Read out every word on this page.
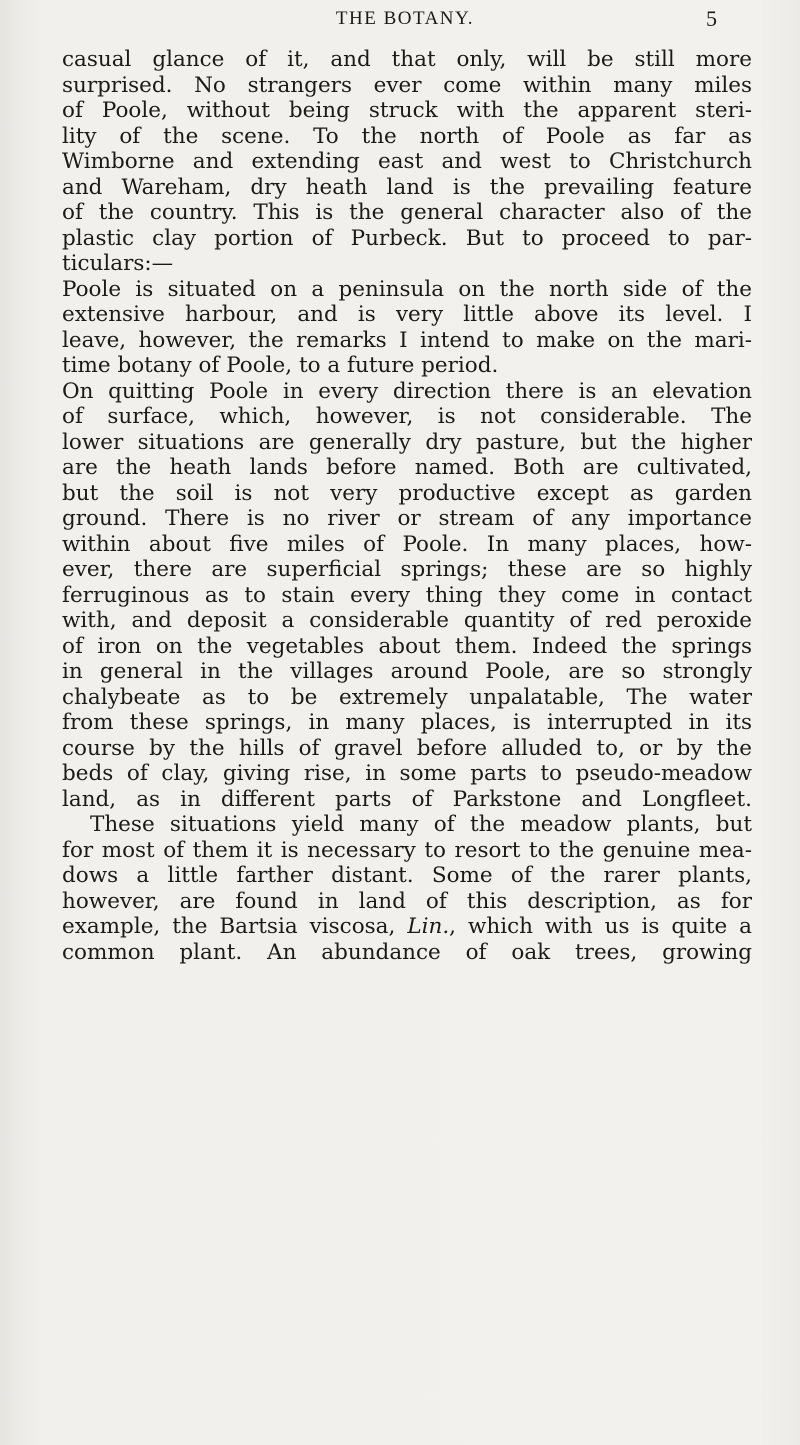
THE BOTANY.	5
casual glance of it, and that only, will be still more
surprised. No strangers ever come within many miles
of Poole, without being struck with the apparent steri-
lity of the scene. To the north of Poole as far as
Wimborne and extending east and west to Christchurch
and Wareham, dry heath land is the prevailing feature
of the country. This is the general character also of the
plastic clay portion of Purbeck. But to proceed to par-
ticulars:—
Poole is situated on a peninsula on the north side of the
extensive harbour, and is very little above its level. I
leave, however, the remarks I intend to make on the mari-
time botany of Poole, to a future period.
On quitting Poole in every direction there is an elevation
of surface, which, however, is not considerable. The
lower situations are generally dry pasture, but the higher
are the heath lands before named. Both are cultivated,
but the soil is not very productive except as garden
ground. There is no river or stream of any importance
within about five miles of Poole. In many places, how-
ever, there are superficial springs; these are so highly
ferruginous as to stain every thing they come in contact
with, and deposit a considerable quantity of red peroxide
of iron on the vegetables about them. Indeed the springs
in general in the villages around Poole, are so strongly
chalybeate as to be extremely unpalatable, The water
from these springs, in many places, is interrupted in its
course by the hills of gravel before alluded to, or by the
beds of clay, giving rise, in some parts to pseudo-meadow
land, as in different parts of Parkstone and Longfleet.
These situations yield many of the meadow plants, but
for most of them it is necessary to resort to the genuine mea-
dows a little farther distant. Some of the rarer plants,
however, are found in land of this description, as for
example, the Bartsia viscosa, Lin., which with us is quite a
common plant. An abundance of oak trees, growing
